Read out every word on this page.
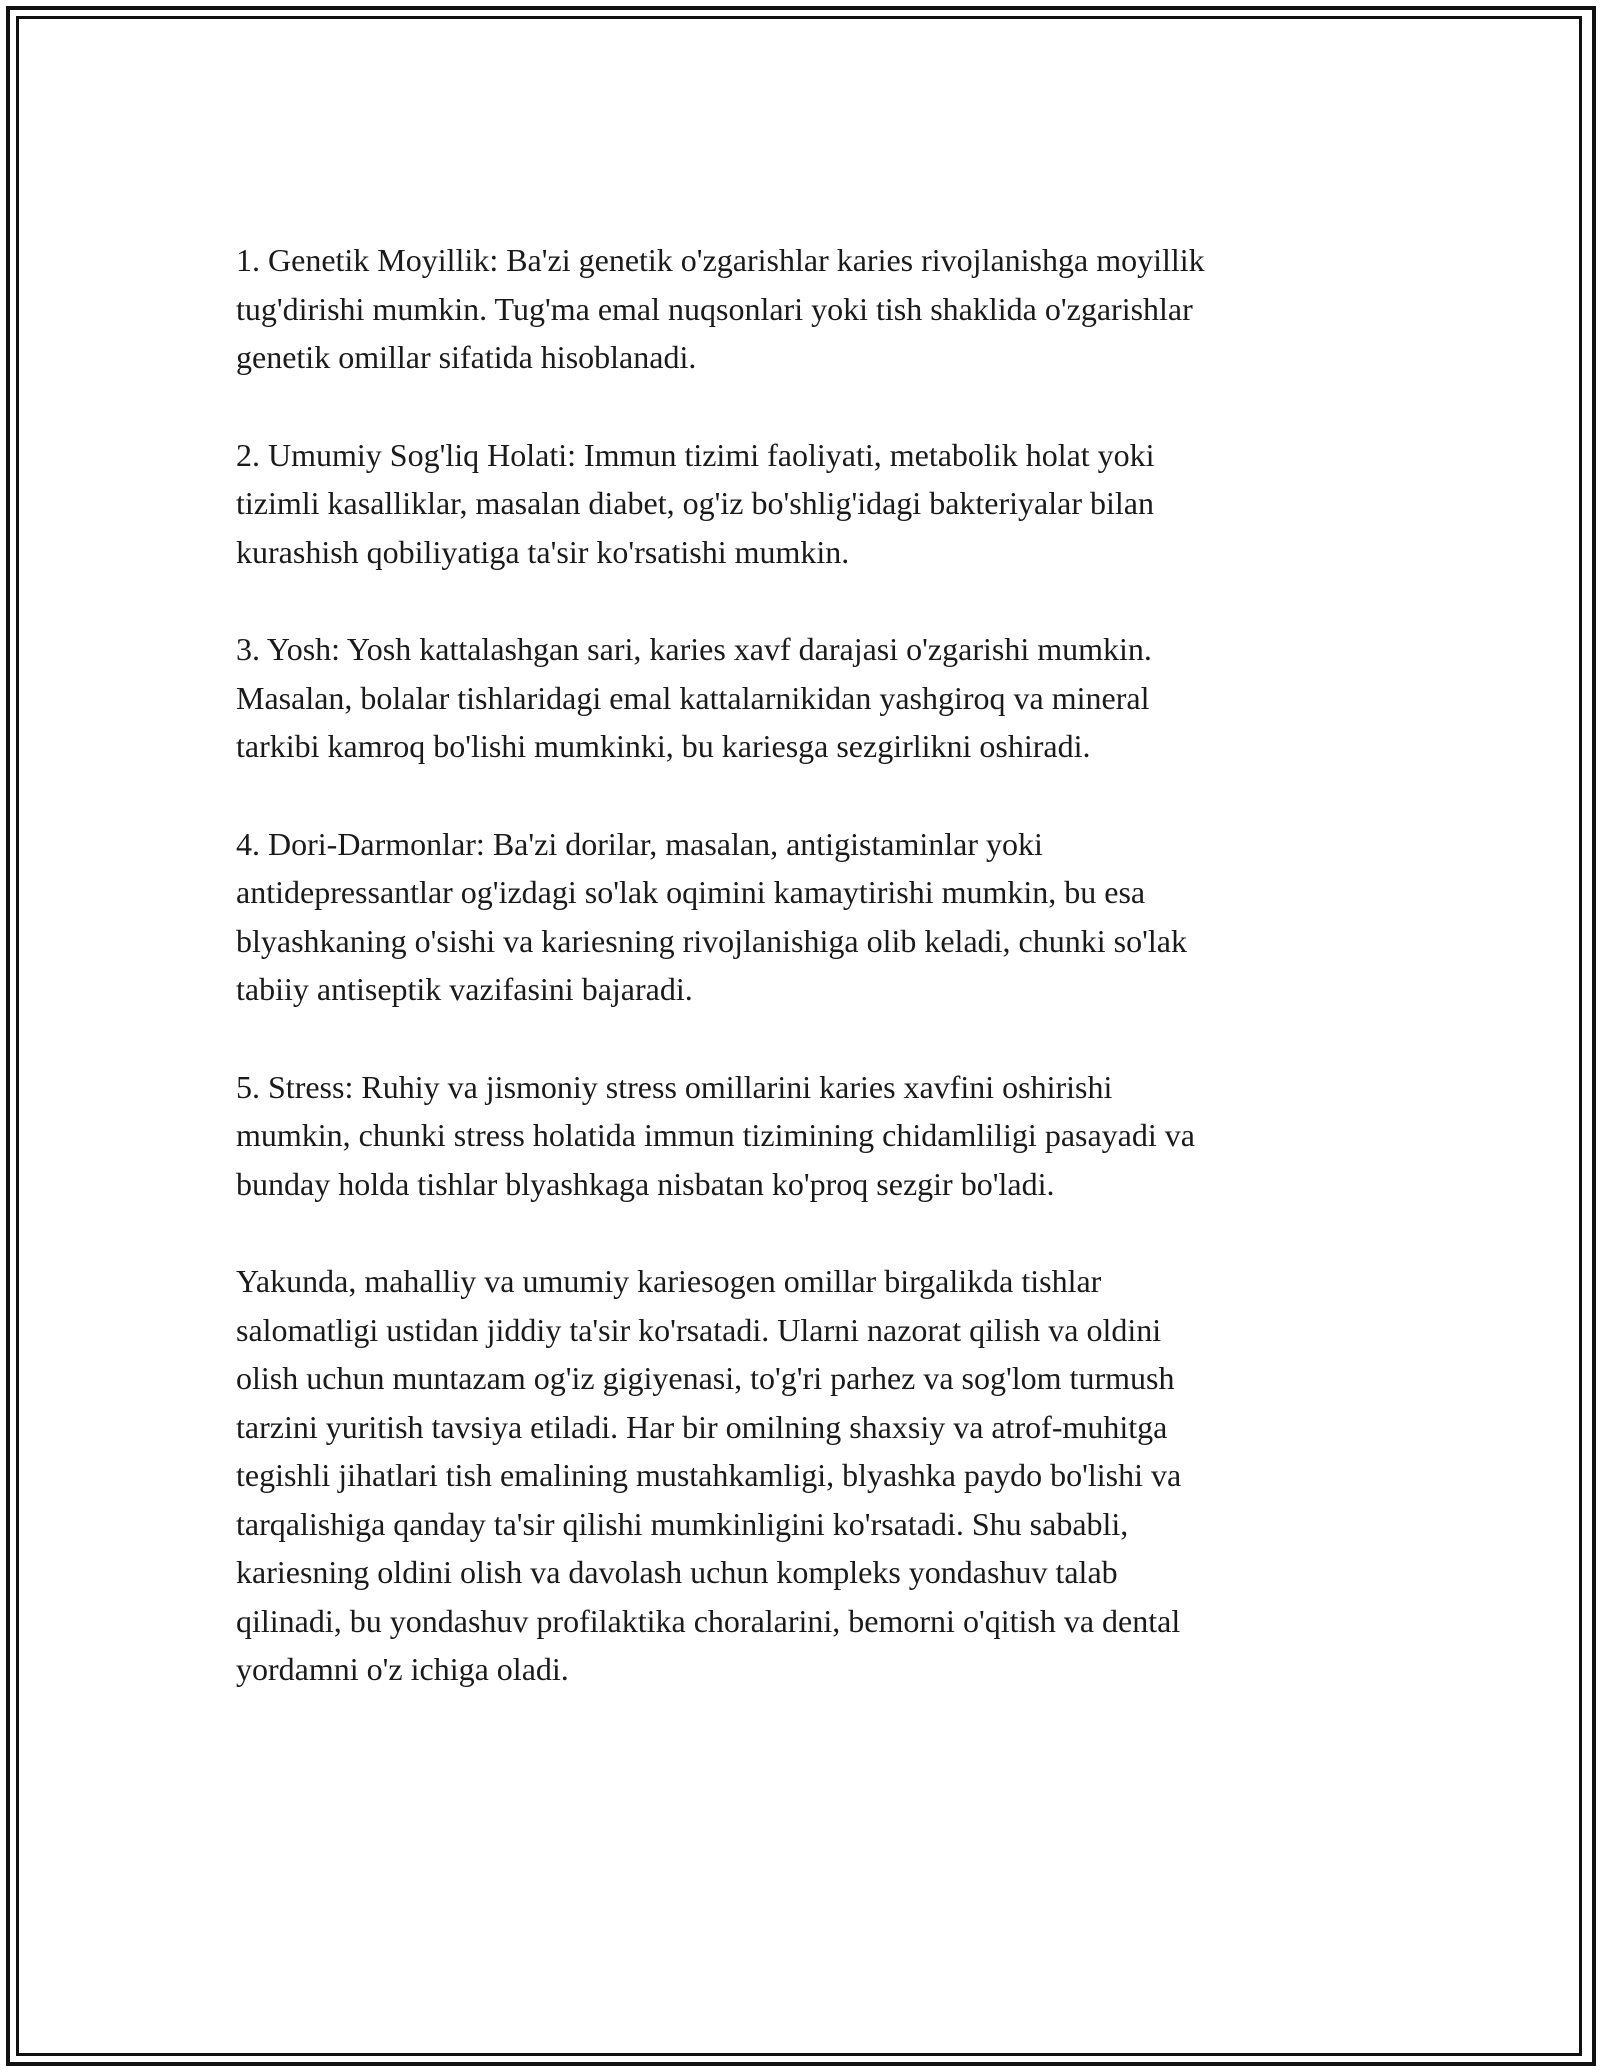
1. Genetik Moyillik: Ba'zi genetik o'zgarishlar karies rivojlanishga moyillik
tug'dirishi mumkin. Tug'ma emal nuqsonlari yoki tish shaklida o'zgarishlar
genetik omillar sifatida hisoblanadi.

2. Umumiy Sog'liq Holati: Immun tizimi faoliyati, metabolik holat yoki
tizimli kasalliklar, masalan diabet, og'iz bo'shlig'idagi bakteriyalar bilan
kurashish qobiliyatiga ta'sir ko'rsatishi mumkin.

3. Yosh: Yosh kattalashgan sari, karies xavf darajasi o'zgarishi mumkin.
Masalan, bolalar tishlaridagi emal kattalarnikidan yashgiroq va mineral
tarkibi kamroq bo'lishi mumkinki, bu kariesga sezgirlikni oshiradi.

4. Dori-Darmonlar: Ba'zi dorilar, masalan, antigistaminlar yoki
antidepressantlar og'izdagi so'lak oqimini kamaytirishi mumkin, bu esa
blyashkaning o'sishi va kariesning rivojlanishiga olib keladi, chunki so'lak
tabiiy antiseptik vazifasini bajaradi.

5. Stress: Ruhiy va jismoniy stress omillarini karies xavfini oshirishi
mumkin, chunki stress holatida immun tizimining chidamliligi pasayadi va
bunday holda tishlar blyashkaga nisbatan ko'proq sezgir bo'ladi.

Yakunda, mahalliy va umumiy kariesogen omillar birgalikda tishlar
salomatligi ustidan jiddiy ta'sir ko'rsatadi. Ularni nazorat qilish va oldini
olish uchun muntazam og'iz gigiyenasi, to'g'ri parhez va sog'lom turmush
tarzini yuritish tavsiya etiladi. Har bir omilning shaxsiy va atrof-muhitga
tegishli jihatlari tish emalining mustahkamligi, blyashka paydo bo'lishi va
tarqalishiga qanday ta'sir qilishi mumkinligini ko'rsatadi. Shu sababli,
kariesning oldini olish va davolash uchun kompleks yondashuv talab
qilinadi, bu yondashuv profilaktika choralarini, bemorni o'qitish va dental
yordamni o'z ichiga oladi.
